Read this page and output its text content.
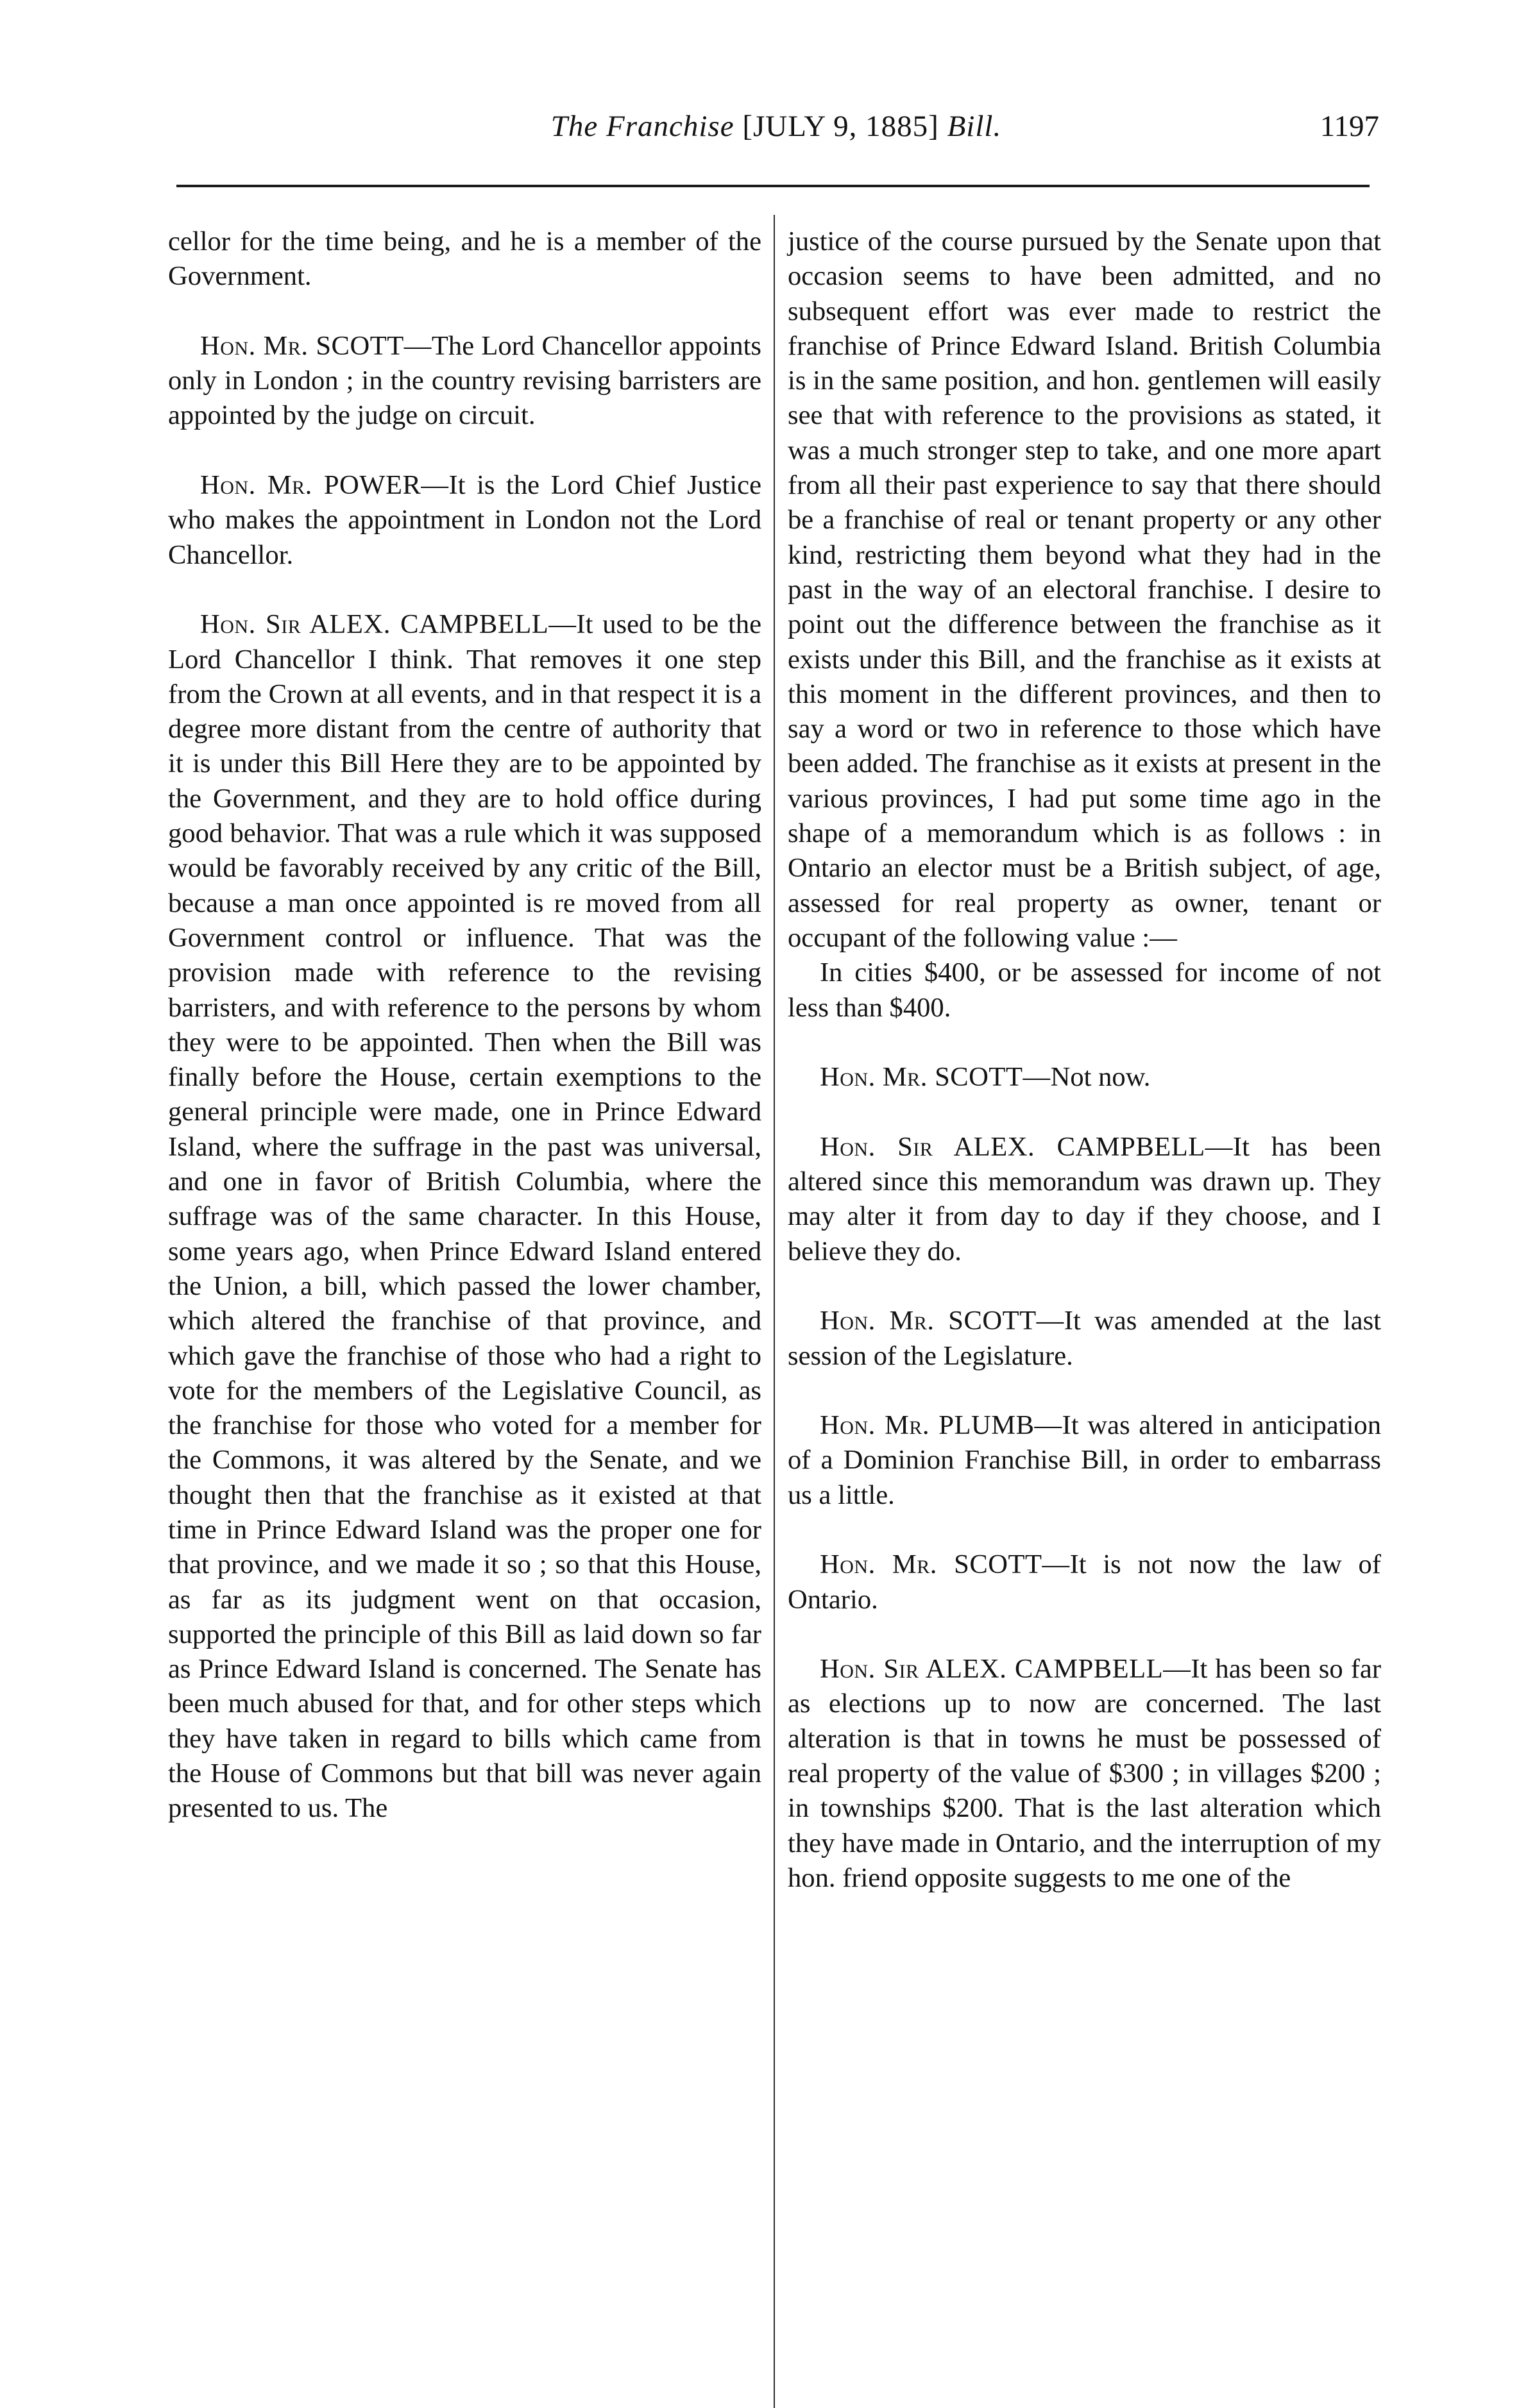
The Franchise [JULY 9, 1885] Bill.	1197

cellor for the time being, and he is a member of the Government.

Hon. Mr. SCOTT—The Lord Chancellor appoints only in London ; in the country revising barristers are appointed by the judge on circuit.

Hon. Mr. POWER—It is the Lord Chief Justice who makes the appointment in London not the Lord Chancellor.

Hon. Sir ALEX. CAMPBELL—It used to be the Lord Chancellor I think. That removes it one step from the Crown at all events, and in that respect it is a degree more distant from the centre of authority that it is under this Bill Here they are to be appointed by the Government, and they are to hold office during good behavior. That was a rule which it was supposed would be favorably received by any critic of the Bill, because a man once appointed is re moved from all Government control or influence. That was the provision made with reference to the revising barristers, and with reference to the persons by whom they were to be appointed. Then when the Bill was finally before the House, certain exemptions to the general principle were made, one in Prince Edward Island, where the suffrage in the past was universal, and one in favor of British Columbia, where the suffrage was of the same character. In this House, some years ago, when Prince Edward Island entered the Union, a bill, which passed the lower chamber, which altered the franchise of that province, and which gave the franchise of those who had a right to vote for the members of the Legislative Council, as the franchise for those who voted for a member for the Commons, it was altered by the Senate, and we thought then that the franchise as it existed at that time in Prince Edward Island was the proper one for that province, and we made it so ; so that this House, as far as its judgment went on that occasion, supported the principle of this Bill as laid down so far as Prince Edward Island is concerned. The Senate has been much abused for that, and for other steps which they have taken in regard to bills which came from the House of Commons but that bill was never again presented to us. The

justice of the course pursued by the Senate upon that occasion seems to have been admitted, and no subsequent effort was ever made to restrict the franchise of Prince Edward Island. British Columbia is in the same position, and hon. gentlemen will easily see that with reference to the provisions as stated, it was a much stronger step to take, and one more apart from all their past experience to say that there should be a franchise of real or tenant property or any other kind, restricting them beyond what they had in the past in the way of an electoral franchise. I desire to point out the difference between the franchise as it exists under this Bill, and the franchise as it exists at this moment in the different provinces, and then to say a word or two in reference to those which have been added. The franchise as it exists at present in the various provinces, I had put some time ago in the shape of a memorandum which is as follows : in Ontario an elector must be a British subject, of age, assessed for real property as owner, tenant or occupant of the following value :—

In cities $400, or be assessed for income of not less than $400.

Hon. Mr. SCOTT—Not now.

Hon. Sir ALEX. CAMPBELL—It has been altered since this memorandum was drawn up. They may alter it from day to day if they choose, and I believe they do.

Hon. Mr. SCOTT—It was amended at the last session of the Legislature.

Hon. Mr. PLUMB—It was altered in anticipation of a Dominion Franchise Bill, in order to embarrass us a little.

Hon. Mr. SCOTT—It is not now the law of Ontario.

Hon. Sir ALEX. CAMPBELL—It has been so far as elections up to now are concerned. The last alteration is that in towns he must be possessed of real property of the value of $300 ; in villages $200 ; in townships $200. That is the last alteration which they have made in Ontario, and the interruption of my hon. friend opposite suggests to me one of the
